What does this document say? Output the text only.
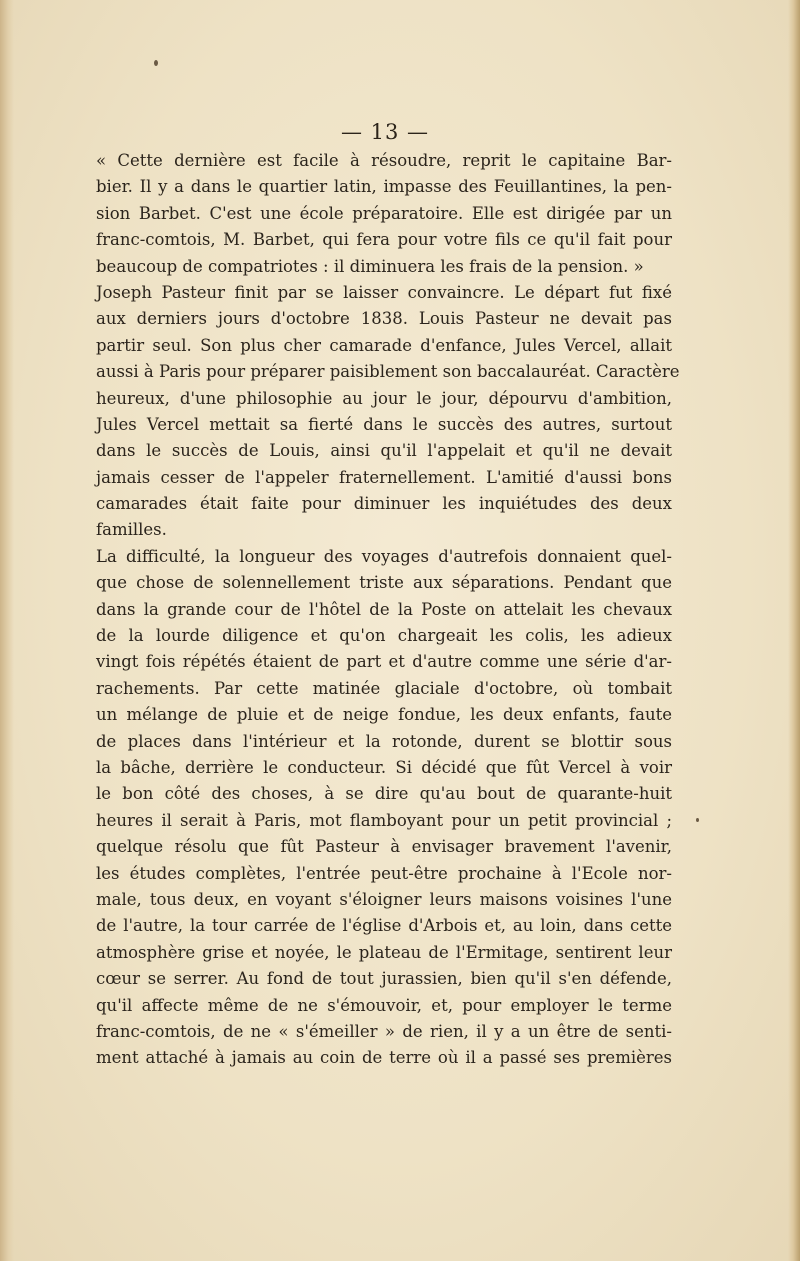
— 13 —
« Cette dernière est facile à résoudre, reprit le capitaine Bar-
bier. Il y a dans le quartier latin, impasse des Feuillantines, la pen-
sion Barbet. C'est une école préparatoire. Elle est dirigée par un
franc-comtois, M. Barbet, qui fera pour votre fils ce qu'il fait pour
beaucoup de compatriotes : il diminuera les frais de la pension. »
Joseph Pasteur finit par se laisser convaincre. Le départ fut fixé
aux derniers jours d'octobre 1838. Louis Pasteur ne devait pas
partir seul. Son plus cher camarade d'enfance, Jules Vercel, allait
aussi à Paris pour préparer paisiblement son baccalauréat. Caractère
heureux, d'une philosophie au jour le jour, dépourvu d'ambition,
Jules Vercel mettait sa fierté dans le succès des autres, surtout
dans le succès de Louis, ainsi qu'il l'appelait et qu'il ne devait
jamais cesser de l'appeler fraternellement. L'amitié d'aussi bons
camarades était faite pour diminuer les inquiétudes des deux
familles.
La difficulté, la longueur des voyages d'autrefois donnaient quel-
que chose de solennellement triste aux séparations. Pendant que
dans la grande cour de l'hôtel de la Poste on attelait les chevaux
de la lourde diligence et qu'on chargeait les colis, les adieux
vingt fois répétés étaient de part et d'autre comme une série d'ar-
rachements. Par cette matinée glaciale d'octobre, où tombait
un mélange de pluie et de neige fondue, les deux enfants, faute
de places dans l'intérieur et la rotonde, durent se blottir sous
la bâche, derrière le conducteur. Si décidé que fût Vercel à voir
le bon côté des choses, à se dire qu'au bout de quarante-huit
heures il serait à Paris, mot flamboyant pour un petit provincial ;
quelque résolu que fût Pasteur à envisager bravement l'avenir,
les études complètes, l'entrée peut-être prochaine à l'Ecole nor-
male, tous deux, en voyant s'éloigner leurs maisons voisines l'une
de l'autre, la tour carrée de l'église d'Arbois et, au loin, dans cette
atmosphère grise et noyée, le plateau de l'Ermitage, sentirent leur
cœur se serrer. Au fond de tout jurassien, bien qu'il s'en défende,
qu'il affecte même de ne s'émouvoir, et, pour employer le terme
franc-comtois, de ne « s'émeiller » de rien, il y a un être de senti-
ment attaché à jamais au coin de terre où il a passé ses premières
